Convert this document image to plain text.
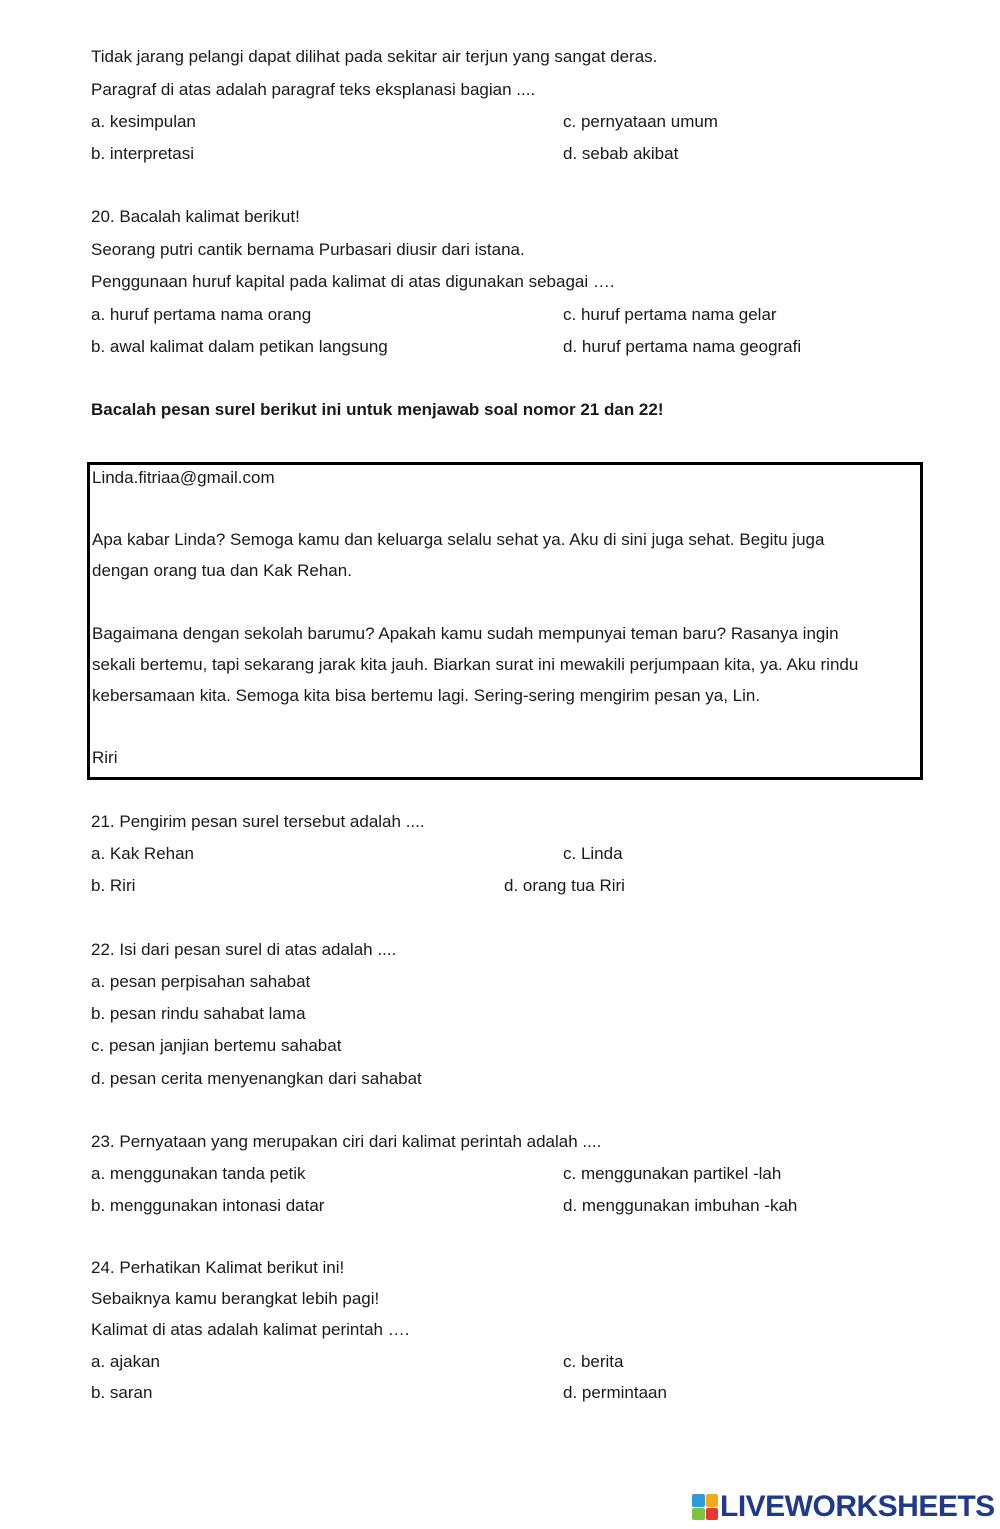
Tidak jarang pelangi dapat dilihat pada sekitar air terjun yang sangat deras.
Paragraf di atas adalah paragraf teks eksplanasi bagian ....
a. kesimpulan	c. pernyataan umum
b. interpretasi	d. sebab akibat
20. Bacalah kalimat berikut!
Seorang putri cantik bernama Purbasari diusir dari istana.
Penggunaan huruf kapital pada kalimat di atas digunakan sebagai ….
a. huruf pertama nama orang	c. huruf pertama nama gelar
b. awal kalimat dalam petikan langsung	d. huruf pertama nama geografi
Bacalah pesan surel berikut ini untuk menjawab soal nomor 21 dan 22!
Linda.fitriaa@gmail.com
Apa kabar Linda? Semoga kamu dan keluarga selalu sehat ya. Aku di sini juga sehat. Begitu juga
dengan orang tua dan Kak Rehan.
Bagaimana dengan sekolah barumu? Apakah kamu sudah mempunyai teman baru? Rasanya ingin
sekali bertemu, tapi sekarang jarak kita jauh. Biarkan surat ini mewakili perjumpaan kita, ya. Aku rindu
kebersamaan kita. Semoga kita bisa bertemu lagi. Sering-sering mengirim pesan ya, Lin.
Riri
21. Pengirim pesan surel tersebut adalah ....
a. Kak Rehan	c. Linda
b. Riri	d. orang tua Riri
22. Isi dari pesan surel di atas adalah ....
a. pesan perpisahan sahabat
b. pesan rindu sahabat lama
c. pesan janjian bertemu sahabat
d. pesan cerita menyenangkan dari sahabat
23. Pernyataan yang merupakan ciri dari kalimat perintah adalah ....
a. menggunakan tanda petik	c. menggunakan partikel -lah
b. menggunakan intonasi datar	d. menggunakan imbuhan -kah
24. Perhatikan Kalimat berikut ini!
Sebaiknya kamu berangkat lebih pagi!
Kalimat di atas adalah kalimat perintah ….
a. ajakan	c. berita
b. saran	d. permintaan
LIVEWORKSHEETS
